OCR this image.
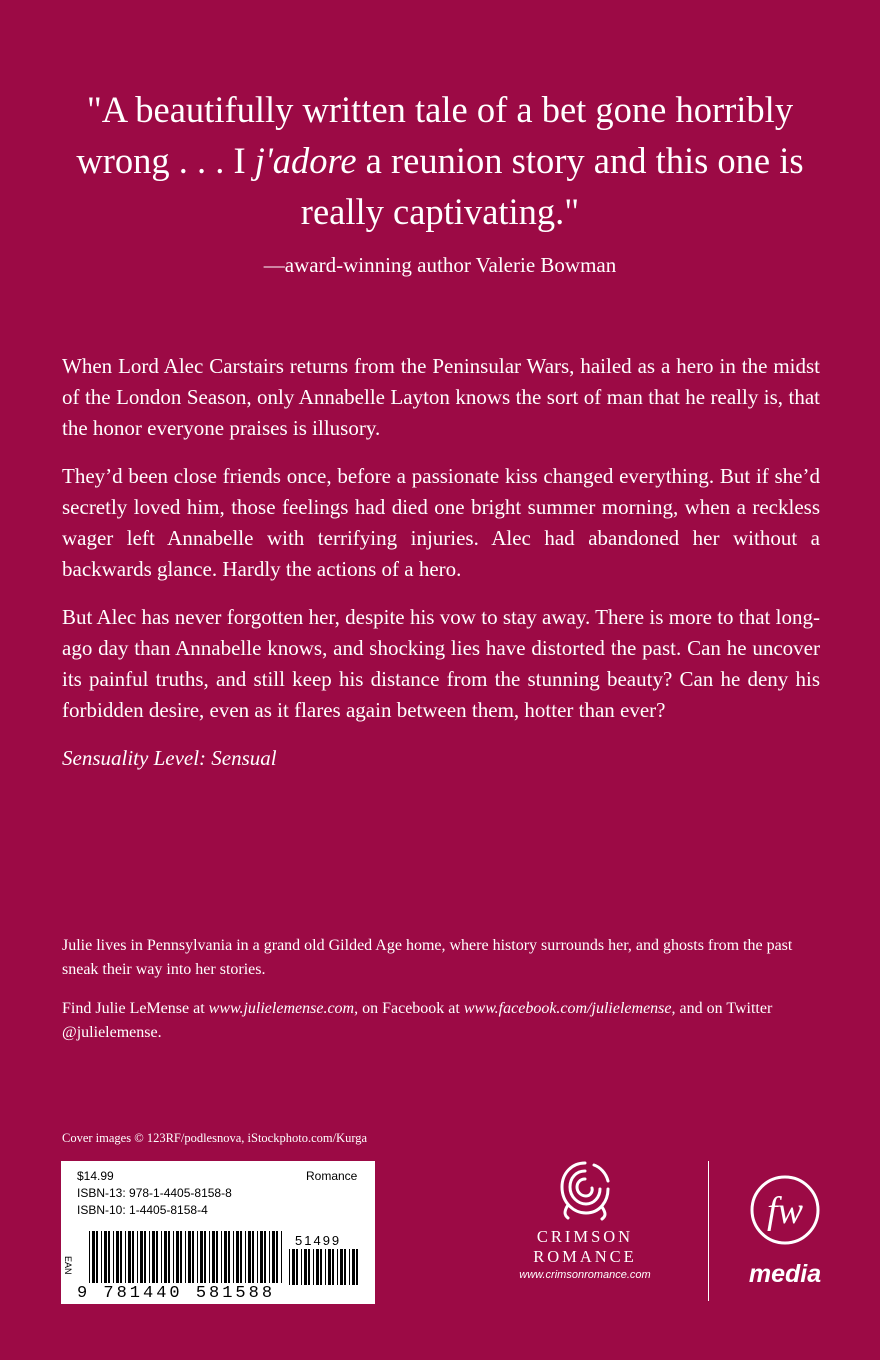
"A beautifully written tale of a bet gone horribly wrong . . . I j'adore a reunion story and this one is really captivating."
—award-winning author Valerie Bowman

When Lord Alec Carstairs returns from the Peninsular Wars, hailed as a hero in the midst of the London Season, only Annabelle Layton knows the sort of man that he really is, that the honor everyone praises is illusory.

They’d been close friends once, before a passionate kiss changed everything. But if she’d secretly loved him, those feelings had died one bright summer morning, when a reckless wager left Annabelle with terrifying injuries. Alec had abandoned her without a backwards glance. Hardly the actions of a hero.

But Alec has never forgotten her, despite his vow to stay away. There is more to that long-ago day than Annabelle knows, and shocking lies have distorted the past. Can he uncover its painful truths, and still keep his distance from the stunning beauty? Can he deny his forbidden desire, even as it flares again between them, hotter than ever?

Sensuality Level: Sensual

Julie lives in Pennsylvania in a grand old Gilded Age home, where history surrounds her, and ghosts from the past sneak their way into her stories.

Find Julie LeMense at www.julielemense.com, on Facebook at www.facebook.com/julielemense, and on Twitter @julielemense.

Cover images © 123RF/podlesnova, iStockphoto.com/Kurga
$14.99
ISBN-13: 978-1-4405-8158-8
ISBN-10: 1-4405-8158-4
Romance
EAN
51499
9 781440 581588
CRIMSON
ROMANCE
www.crimsonromance.com
fw
media
